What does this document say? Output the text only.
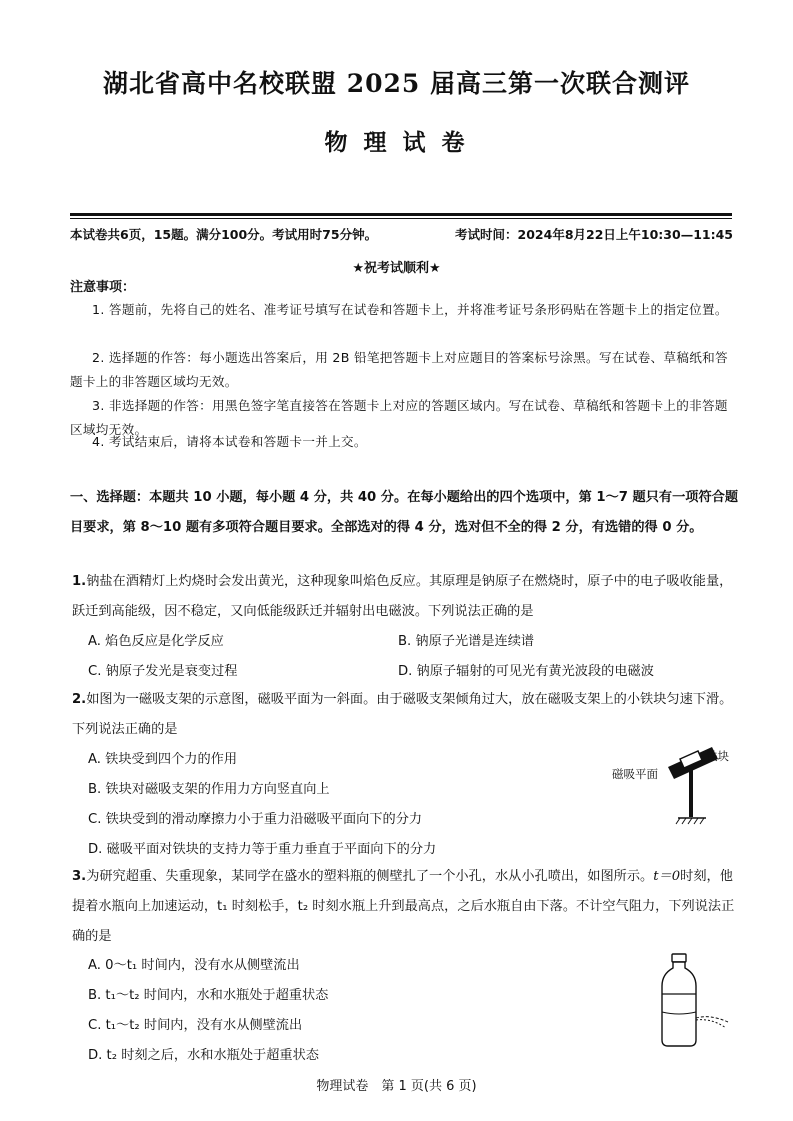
湖北省高中名校联盟 2025 届高三第一次联合测评
物 理 试 卷
本试卷共6页，15题。满分100分。考试用时75分钟。	考试时间：2024年8月22日上午10:30—11:45
★祝考试顺利★
注意事项：
1. 答题前，先将自己的姓名、准考证号填写在试卷和答题卡上，并将准考证号条形码贴在答题卡上的指定位置。
2. 选择题的作答：每小题选出答案后，用 2B 铅笔把答题卡上对应题目的答案标号涂黑。写在试卷、草稿纸和答题卡上的非答题区域均无效。
3. 非选择题的作答：用黑色签字笔直接答在答题卡上对应的答题区域内。写在试卷、草稿纸和答题卡上的非答题区域均无效。
4. 考试结束后，请将本试卷和答题卡一并上交。
一、选择题：本题共 10 小题，每小题 4 分，共 40 分。在每小题给出的四个选项中，第 1～7 题只有一项符合题目要求，第 8～10 题有多项符合题目要求。全部选对的得 4 分，选对但不全的得 2 分，有选错的得 0 分。
1.钠盐在酒精灯上灼烧时会发出黄光，这种现象叫焰色反应。其原理是钠原子在燃烧时，原子中的电子吸收能量，跃迁到高能级，因不稳定，又向低能级跃迁并辐射出电磁波。下列说法正确的是
A. 焰色反应是化学反应	B. 钠原子光谱是连续谱
C. 钠原子发光是衰变过程	D. 钠原子辐射的可见光有黄光波段的电磁波
2.如图为一磁吸支架的示意图，磁吸平面为一斜面。由于磁吸支架倾角过大，放在磁吸支架上的小铁块匀速下滑。下列说法正确的是
A. 铁块受到四个力的作用
B. 铁块对磁吸支架的作用力方向竖直向上
C. 铁块受到的滑动摩擦力小于重力沿磁吸平面向下的分力
D. 磁吸平面对铁块的支持力等于重力垂直于平面向下的分力
铁块
磁吸平面
3.为研究超重、失重现象，某同学在盛水的塑料瓶的侧壁扎了一个小孔，水从小孔喷出，如图所示。t＝0时刻，他提着水瓶向上加速运动，t₁ 时刻松手，t₂ 时刻水瓶上升到最高点，之后水瓶自由下落。不计空气阻力，下列说法正确的是
A. 0～t₁ 时间内，没有水从侧壁流出
B. t₁～t₂ 时间内，水和水瓶处于超重状态
C. t₁～t₂ 时间内，没有水从侧壁流出
D. t₂ 时刻之后，水和水瓶处于超重状态
物理试卷　第 1 页(共 6 页)
